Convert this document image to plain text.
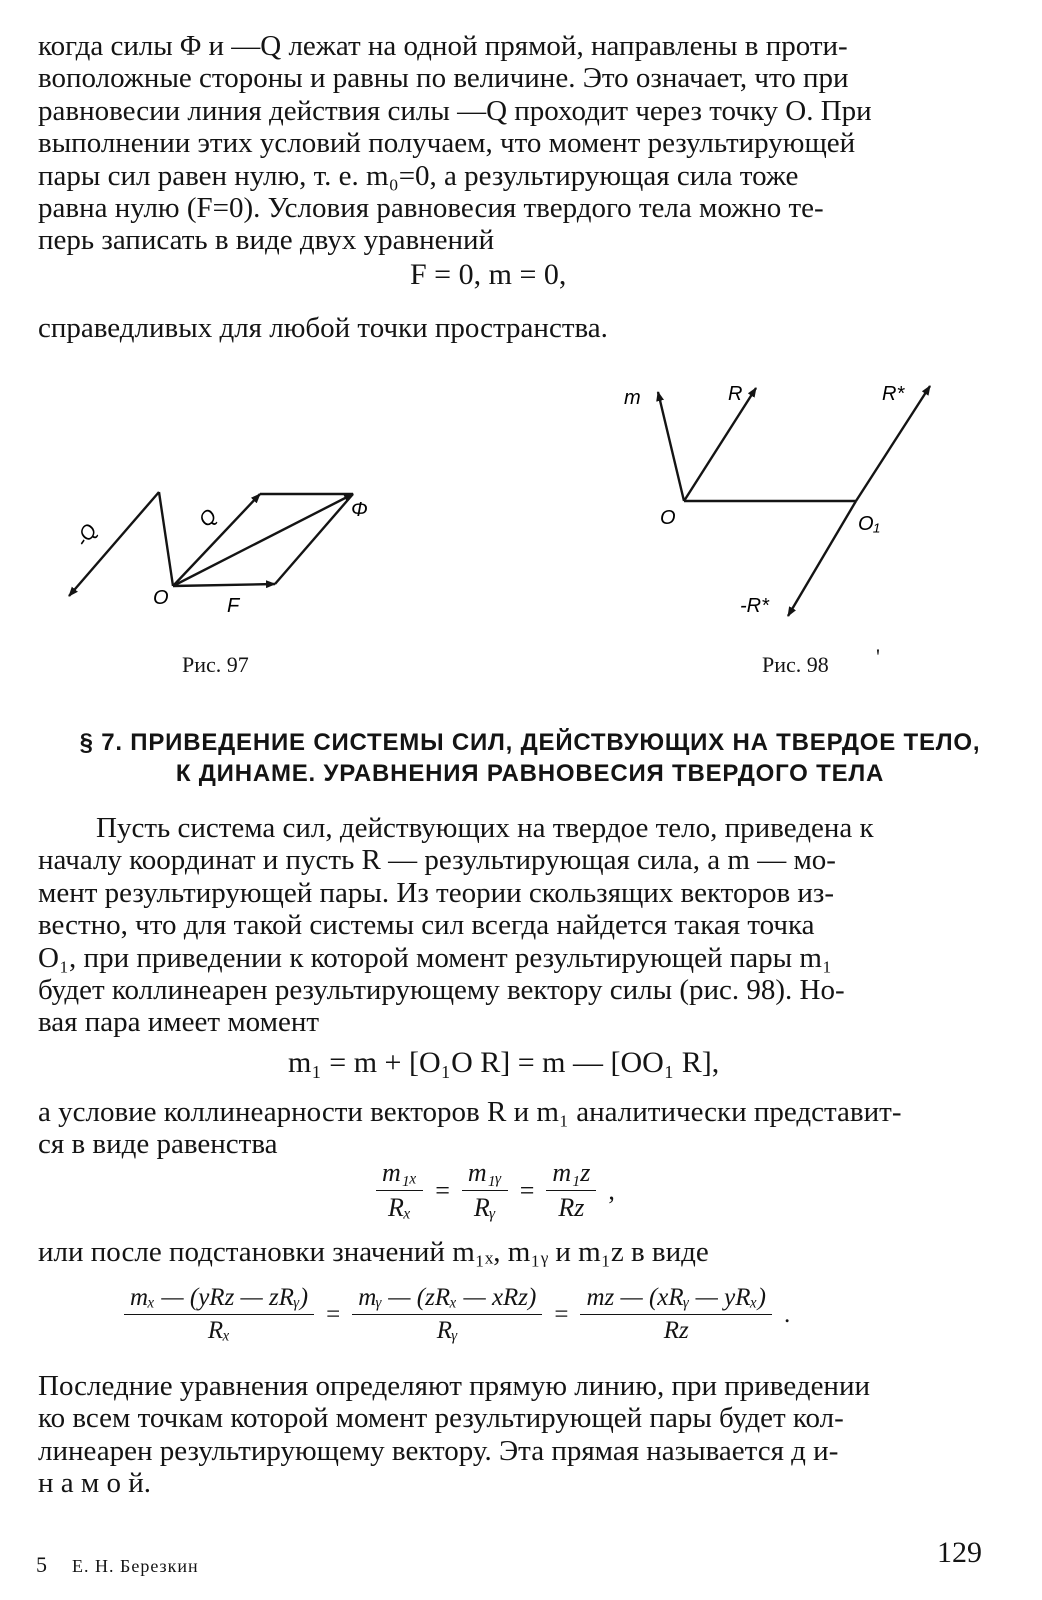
когда силы Φ и —Q лежат на одной прямой, направлены в проти-
воположные стороны и равны по величине. Это означает, что при
равновесии линия действия силы —Q проходит через точку O. При
выполнении этих условий получаем, что момент результирующей
пары сил равен нулю, т. е. m₀=0, а результирующая сила тоже
равна нулю (F=0). Условия равновесия твердого тела можно те-
перь записать в виде двух уравнений
F = 0, m = 0,
справедливых для любой точки пространства.
-Q
Q	Φ
O	F
Рис. 97
m	R	R*
O	O₁
-R*
Рис. 98 '
§ 7. ПРИВЕДЕНИЕ СИСТЕМЫ СИЛ, ДЕЙСТВУЮЩИХ НА ТВЕРДОЕ ТЕЛО,
К ДИНАМЕ. УРАВНЕНИЯ РАВНОВЕСИЯ ТВЕРДОГО ТЕЛА
Пусть система сил, действующих на твердое тело, приведена к
началу координат и пусть R — результирующая сила, а m — мо-
мент результирующей пары. Из теории скользящих векторов из-
вестно, что для такой системы сил всегда найдется такая точка
O₁, при приведении к которой момент результирующей пары m₁
будет коллинеарен результирующему вектору силы (рис. 98). Но-
вая пара имеет момент
m₁ = m + [O₁O R] = m — [OO₁ R],
а условие коллинеарности векторов R и m₁ аналитически представит-
ся в виде равенства
$\frac{\text{m₁ₓ}}{\text{Rₓ}} = \frac{\text{m₁ᵧ}}{\text{Rᵧ}} = \frac{\text{m₁z}}{Rz}$ ,
или после подстановки значений m₁ₓ, m₁ᵧ и m₁z в виде
$\frac{\text{mₓ — (yRz — zRᵧ)}}{\text{Rₓ}} = \frac{\text{mᵧ — (zRₓ — xRz)}}{\text{Rᵧ}} = \frac{\text{mz — (xRᵧ — yRₓ)}}{Rz}$ .
Последние уравнения определяют прямую линию, при приведении
ко всем точкам которой момент результирующей пары будет кол-
линеарен результирующему вектору. Эта прямая называется д и-
н а м о й.
5 Е. Н. Березкин	129
